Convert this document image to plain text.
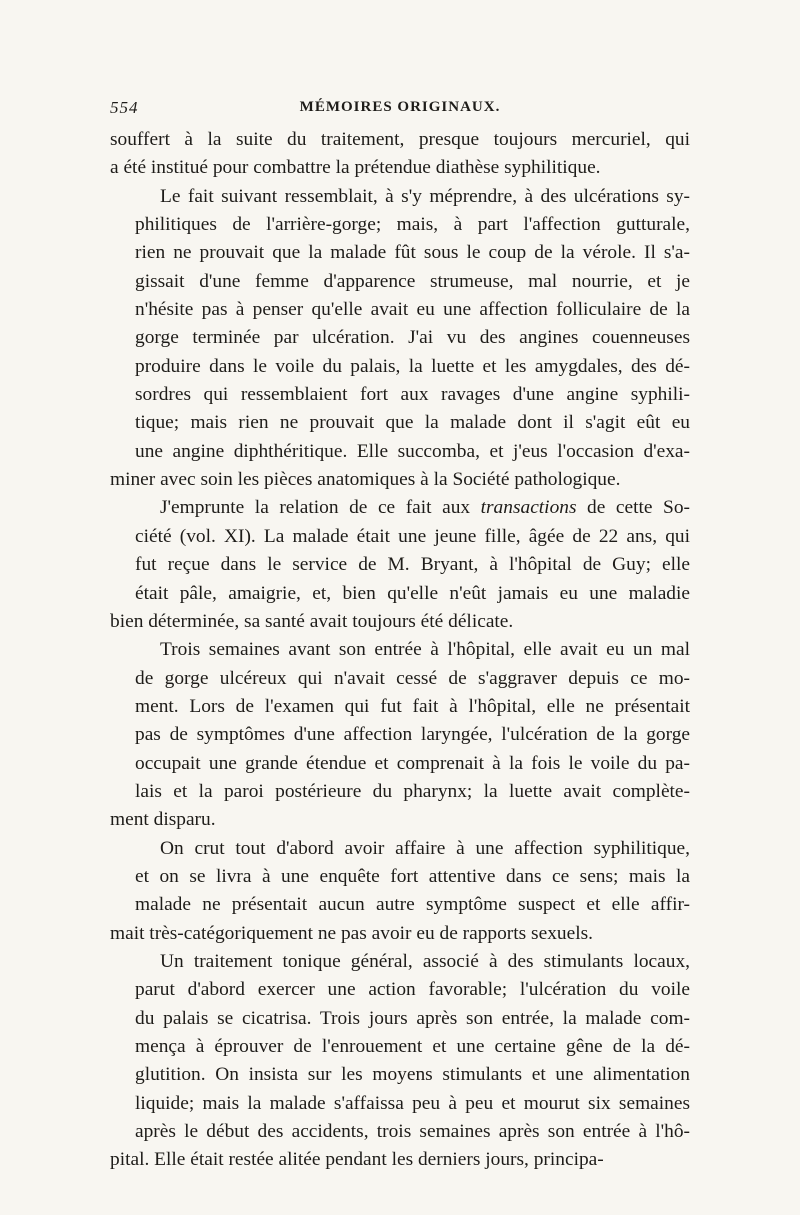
554	MÉMOIRES ORIGINAUX.

souffert à la suite du traitement, presque toujours mercuriel, qui
a été institué pour combattre la prétendue diathèse syphilitique.

Le fait suivant ressemblait, à s'y méprendre, à des ulcérations sy-
philitiques de l'arrière-gorge; mais, à part l'affection gutturale,
rien ne prouvait que la malade fût sous le coup de la vérole. Il s'a-
gissait d'une femme d'apparence strumeuse, mal nourrie, et je
n'hésite pas à penser qu'elle avait eu une affection folliculaire de la
gorge terminée par ulcération. J'ai vu des angines couenneuses
produire dans le voile du palais, la luette et les amygdales, des dé-
sordres qui ressemblaient fort aux ravages d'une angine syphili-
tique; mais rien ne prouvait que la malade dont il s'agit eût eu
une angine diphthéritique. Elle succomba, et j'eus l'occasion d'exa-
miner avec soin les pièces anatomiques à la Société pathologique.

J'emprunte la relation de ce fait aux transactions de cette So-
ciété (vol. XI). La malade était une jeune fille, âgée de 22 ans, qui
fut reçue dans le service de M. Bryant, à l'hôpital de Guy; elle
était pâle, amaigrie, et, bien qu'elle n'eût jamais eu une maladie
bien déterminée, sa santé avait toujours été délicate.

Trois semaines avant son entrée à l'hôpital, elle avait eu un mal
de gorge ulcéreux qui n'avait cessé de s'aggraver depuis ce mo-
ment. Lors de l'examen qui fut fait à l'hôpital, elle ne présentait
pas de symptômes d'une affection laryngée, l'ulcération de la gorge
occupait une grande étendue et comprenait à la fois le voile du pa-
lais et la paroi postérieure du pharynx; la luette avait complète-
ment disparu.

On crut tout d'abord avoir affaire à une affection syphilitique,
et on se livra à une enquête fort attentive dans ce sens; mais la
malade ne présentait aucun autre symptôme suspect et elle affir-
mait très-catégoriquement ne pas avoir eu de rapports sexuels.

Un traitement tonique général, associé à des stimulants locaux,
parut d'abord exercer une action favorable; l'ulcération du voile
du palais se cicatrisa. Trois jours après son entrée, la malade com-
mença à éprouver de l'enrouement et une certaine gêne de la dé-
glutition. On insista sur les moyens stimulants et une alimentation
liquide; mais la malade s'affaissa peu à peu et mourut six semaines
après le début des accidents, trois semaines après son entrée à l'hô-
pital. Elle était restée alitée pendant les derniers jours, principa-
